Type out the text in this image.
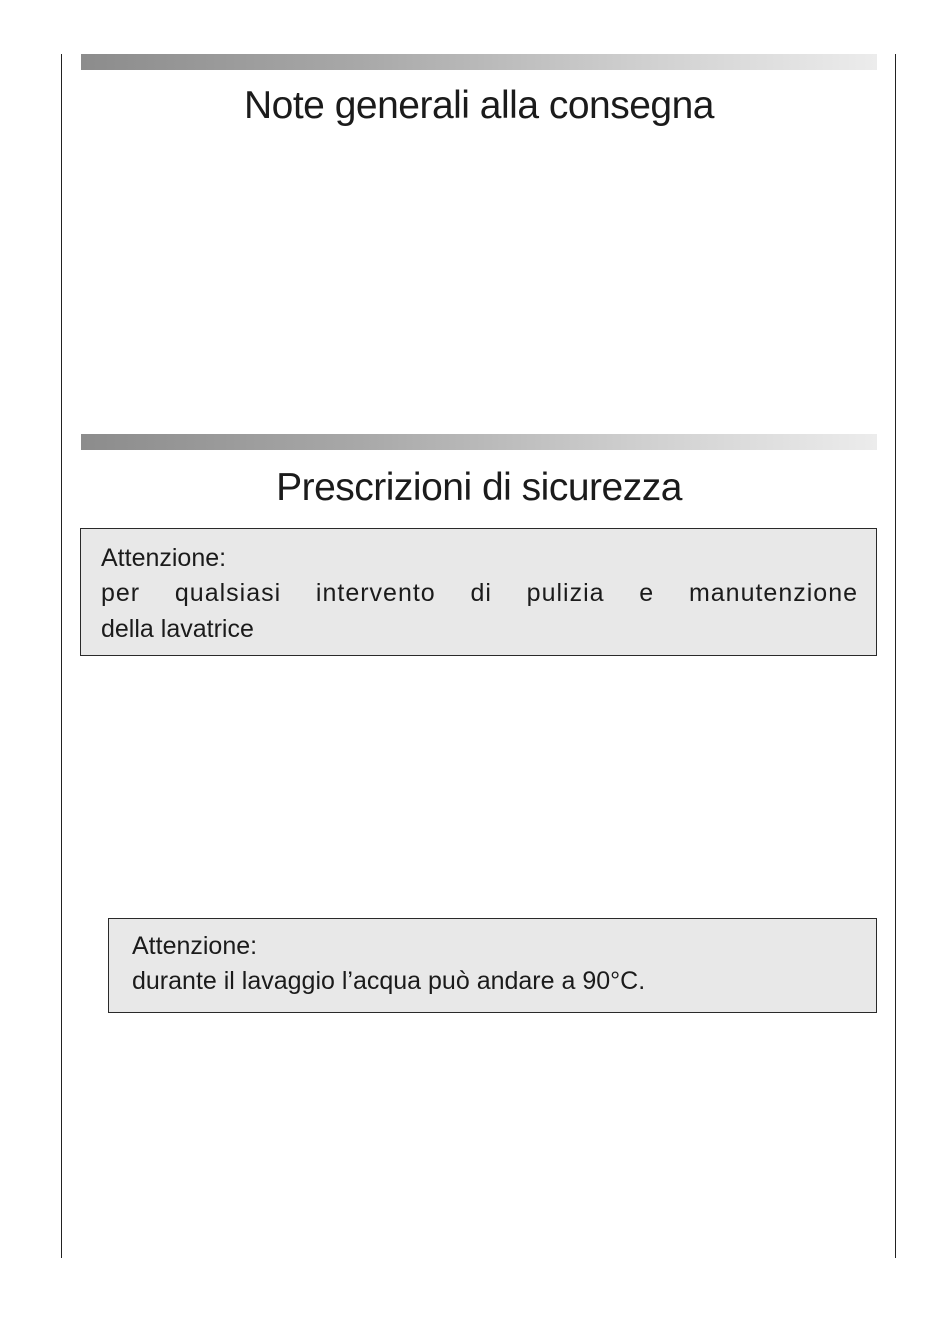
Note generali alla consegna
Prescrizioni di sicurezza
Attenzione:
per qualsiasi intervento di pulizia e manutenzione
della lavatrice
Attenzione:
durante il lavaggio l’acqua può andare a 90°C.
